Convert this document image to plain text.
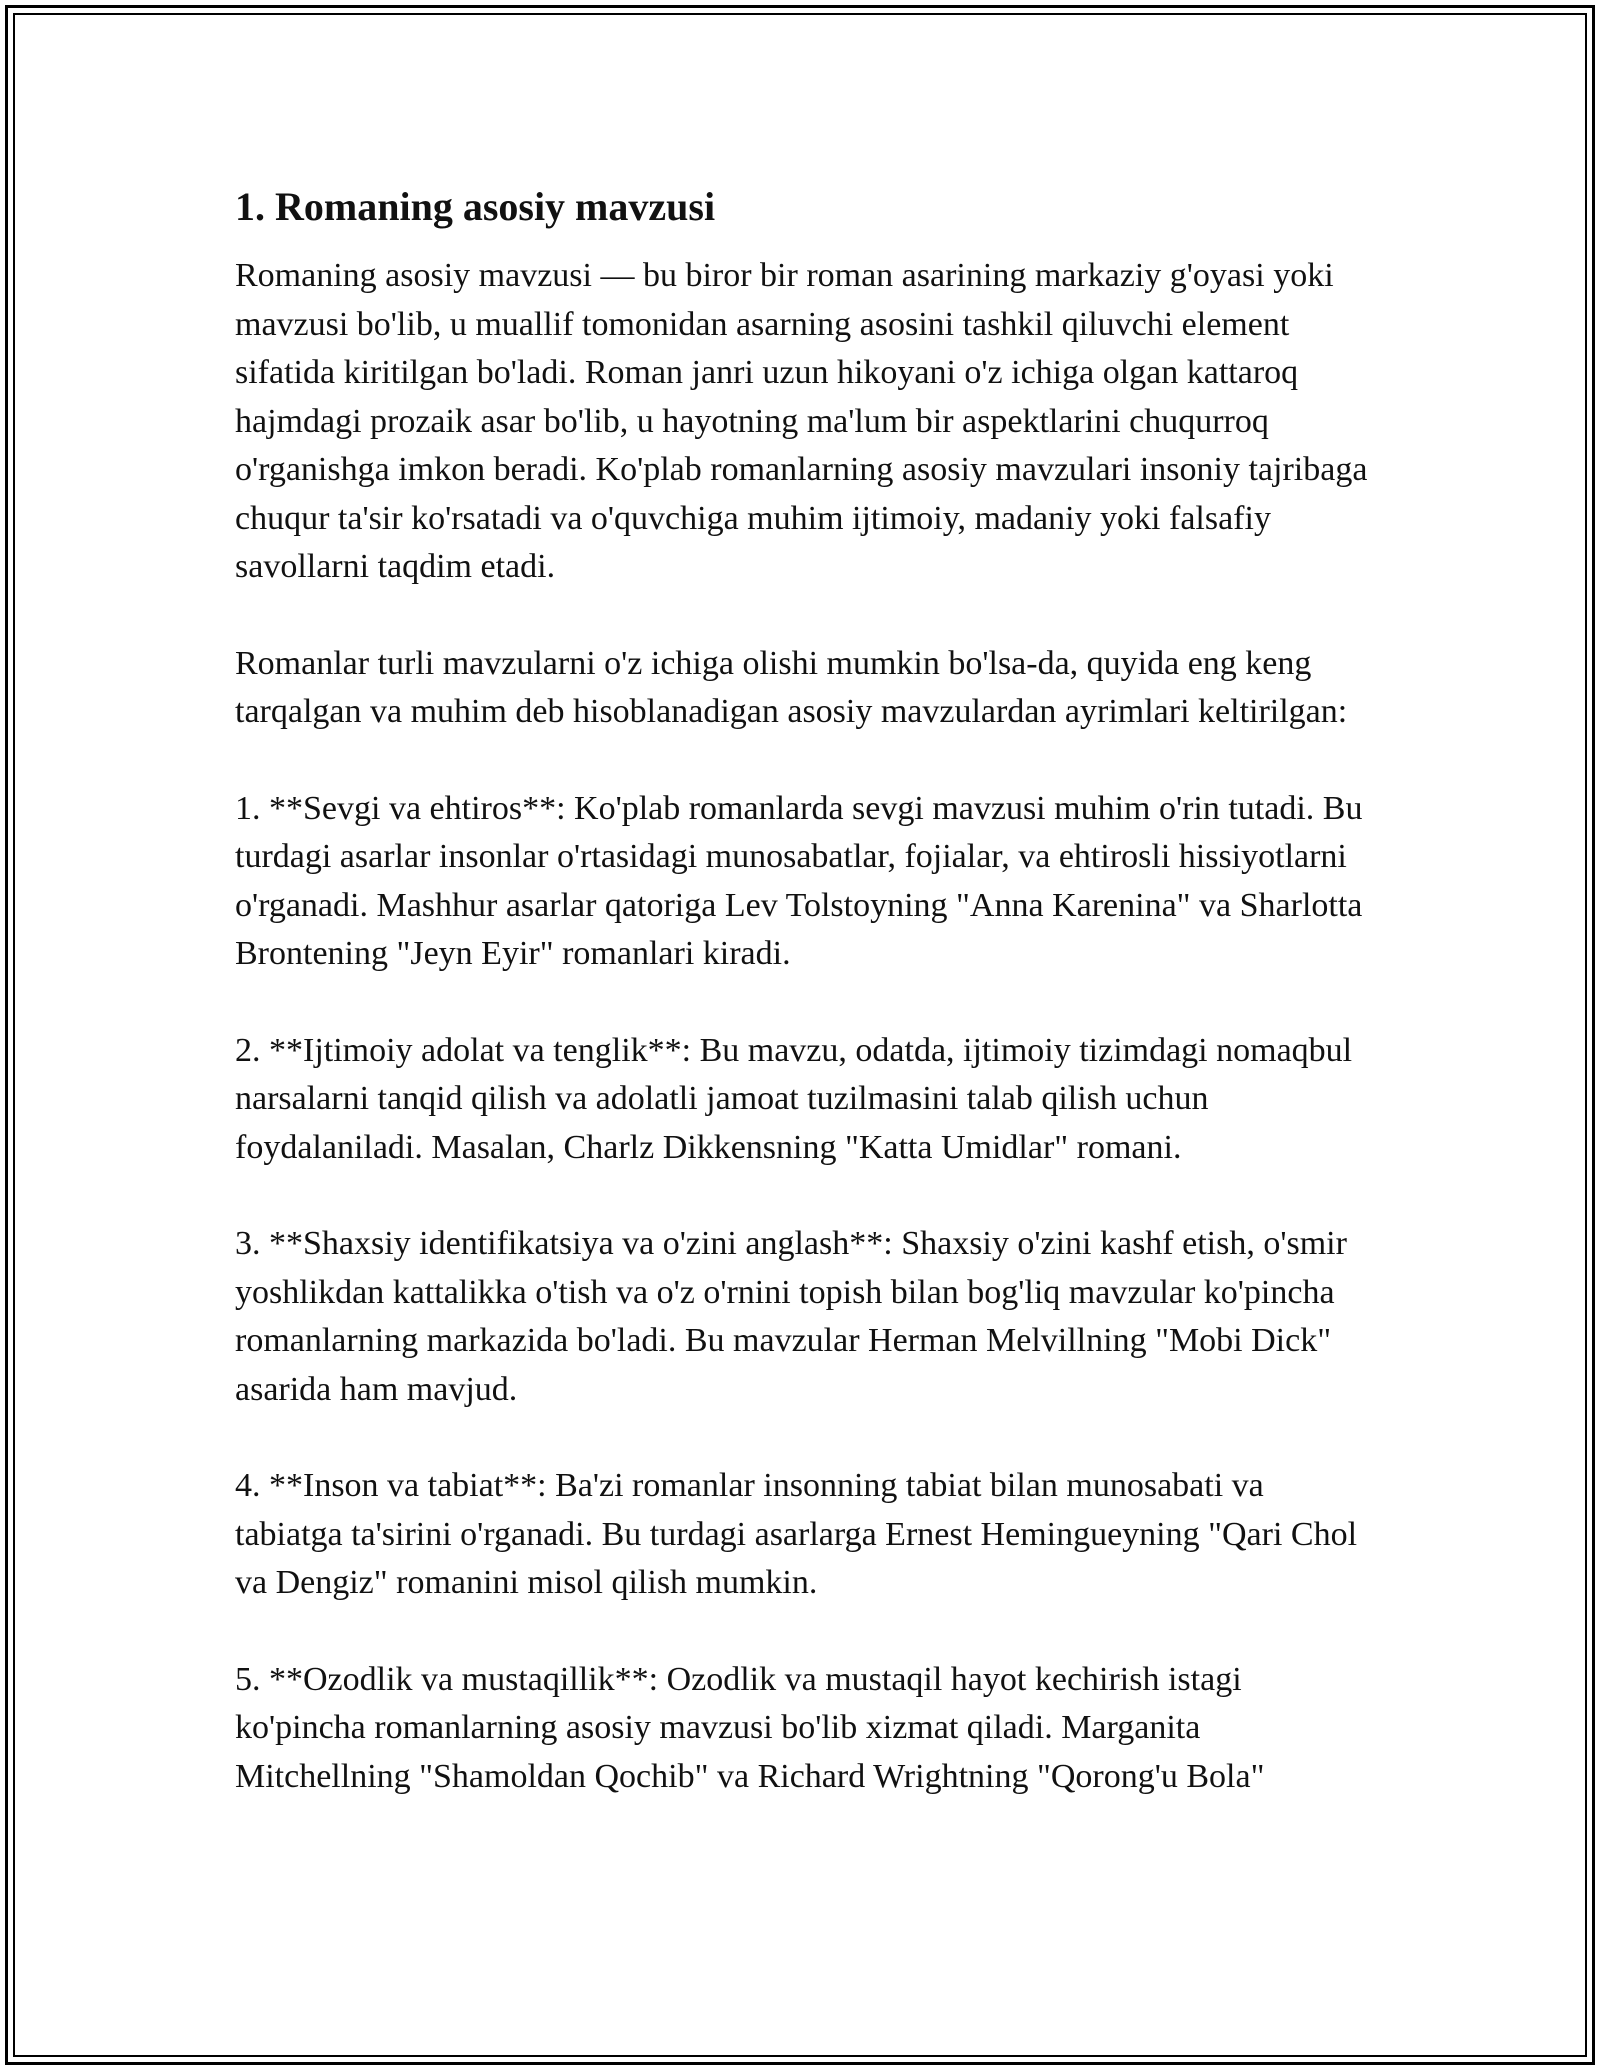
1. Romaning asosiy mavzusi

Romaning asosiy mavzusi — bu biror bir roman asarining markaziy g'oyasi yoki mavzusi bo'lib, u muallif tomonidan asarning asosini tashkil qiluvchi element sifatida kiritilgan bo'ladi. Roman janri uzun hikoyani o'z ichiga olgan kattaroq hajmdagi prozaik asar bo'lib, u hayotning ma'lum bir aspektlarini chuqurroq o'rganishga imkon beradi. Ko'plab romanlarning asosiy mavzulari insoniy tajribaga chuqur ta'sir ko'rsatadi va o'quvchiga muhim ijtimoiy, madaniy yoki falsafiy savollarni taqdim etadi.

Romanlar turli mavzularni o'z ichiga olishi mumkin bo'lsa-da, quyida eng keng tarqalgan va muhim deb hisoblanadigan asosiy mavzulardan ayrimlari keltirilgan:

1. **Sevgi va ehtiros**: Ko'plab romanlarda sevgi mavzusi muhim o'rin tutadi. Bu turdagi asarlar insonlar o'rtasidagi munosabatlar, fojialar, va ehtirosli hissiyotlarni o'rganadi. Mashhur asarlar qatoriga Lev Tolstoyning "Anna Karenina" va Sharlotta Brontening "Jeyn Eyir" romanlari kiradi.

2. **Ijtimoiy adolat va tenglik**: Bu mavzu, odatda, ijtimoiy tizimdagi nomaqbul narsalarni tanqid qilish va adolatli jamoat tuzilmasini talab qilish uchun foydalaniladi. Masalan, Charlz Dikkensning "Katta Umidlar" romani.

3. **Shaxsiy identifikatsiya va o'zini anglash**: Shaxsiy o'zini kashf etish, o'smir yoshlikdan kattalikka o'tish va o'z o'rnini topish bilan bog'liq mavzular ko'pincha romanlarning markazida bo'ladi. Bu mavzular Herman Melvillning "Mobi Dick" asarida ham mavjud.

4. **Inson va tabiat**: Ba'zi romanlar insonning tabiat bilan munosabati va tabiatga ta'sirini o'rganadi. Bu turdagi asarlarga Ernest Hemingueyning "Qari Chol va Dengiz" romanini misol qilish mumkin.

5. **Ozodlik va mustaqillik**: Ozodlik va mustaqil hayot kechirish istagi ko'pincha romanlarning asosiy mavzusi bo'lib xizmat qiladi. Marganita Mitchellning "Shamoldan Qochib" va Richard Wrightning "Qorong'u Bola"
